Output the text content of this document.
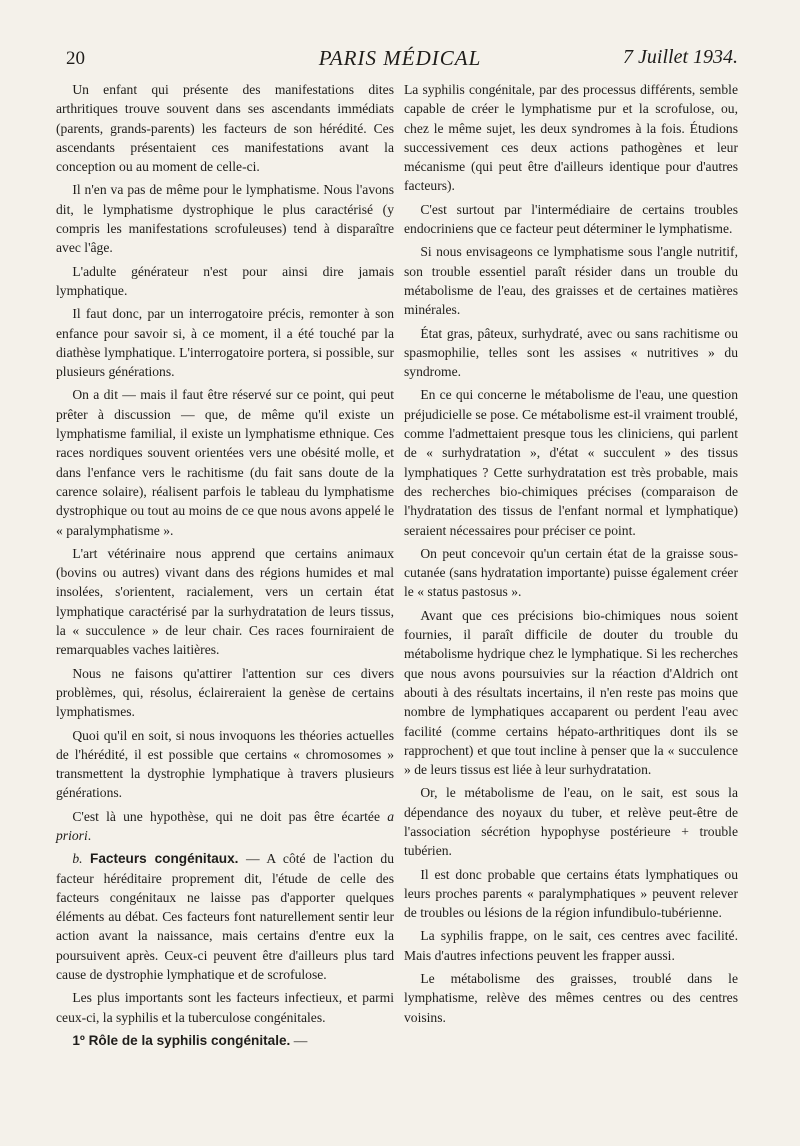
20	PARIS MÉDICAL	7 Juillet 1934.

Un enfant qui présente des manifestations dites arthritiques trouve souvent dans ses ascendants immédiats (parents, grands-parents) les facteurs de son hérédité. Ces ascendants présentaient ces manifestations avant la conception ou au moment de celle-ci.

Il n'en va pas de même pour le lymphatisme. Nous l'avons dit, le lymphatisme dystrophique le plus caractérisé (y compris les manifestations scrofuleuses) tend à disparaître avec l'âge.

L'adulte générateur n'est pour ainsi dire jamais lymphatique.

Il faut donc, par un interrogatoire précis, remonter à son enfance pour savoir si, à ce moment, il a été touché par la diathèse lymphatique. L'interrogatoire portera, si possible, sur plusieurs générations.

On a dit — mais il faut être réservé sur ce point, qui peut prêter à discussion — que, de même qu'il existe un lymphatisme familial, il existe un lymphatisme ethnique. Ces races nordiques souvent orientées vers une obésité molle, et dans l'enfance vers le rachitisme (du fait sans doute de la carence solaire), réalisent parfois le tableau du lymphatisme dystrophique ou tout au moins de ce que nous avons appelé le « paralymphatisme ».

L'art vétérinaire nous apprend que certains animaux (bovins ou autres) vivant dans des régions humides et mal insolées, s'orientent, racialement, vers un certain état lymphatique caractérisé par la surhydratation de leurs tissus, la « succulence » de leur chair. Ces races fourniraient de remarquables vaches laitières.

Nous ne faisons qu'attirer l'attention sur ces divers problèmes, qui, résolus, éclaireraient la genèse de certains lymphatismes.

Quoi qu'il en soit, si nous invoquons les théories actuelles de l'hérédité, il est possible que certains « chromosomes » transmettent la dystrophie lymphatique à travers plusieurs générations.

C'est là une hypothèse, qui ne doit pas être écartée a priori.

b. Facteurs congénitaux. — A côté de l'action du facteur héréditaire proprement dit, l'étude de celle des facteurs congénitaux ne laisse pas d'apporter quelques éléments au débat. Ces facteurs font naturellement sentir leur action avant la naissance, mais certains d'entre eux la poursuivent après. Ceux-ci peuvent être d'ailleurs plus tard cause de dystrophie lymphatique et de scrofulose.

Les plus importants sont les facteurs infectieux, et parmi ceux-ci, la syphilis et la tuberculose congénitales.

1º Rôle de la syphilis congénitale. —

La syphilis congénitale, par des processus différents, semble capable de créer le lymphatisme pur et la scrofulose, ou, chez le même sujet, les deux syndromes à la fois. Étudions successivement ces deux actions pathogènes et leur mécanisme (qui peut être d'ailleurs identique pour d'autres facteurs).

C'est surtout par l'intermédiaire de certains troubles endocriniens que ce facteur peut déterminer le lymphatisme.

Si nous envisageons ce lymphatisme sous l'angle nutritif, son trouble essentiel paraît résider dans un trouble du métabolisme de l'eau, des graisses et de certaines matières minérales.

État gras, pâteux, surhydraté, avec ou sans rachitisme ou spasmophilie, telles sont les assises « nutritives » du syndrome.

En ce qui concerne le métabolisme de l'eau, une question préjudicielle se pose. Ce métabolisme est-il vraiment troublé, comme l'admettaient presque tous les cliniciens, qui parlent de « surhydratation », d'état « succulent » des tissus lymphatiques ? Cette surhydratation est très probable, mais des recherches bio-chimiques précises (comparaison de l'hydratation des tissus de l'enfant normal et lymphatique) seraient nécessaires pour préciser ce point.

On peut concevoir qu'un certain état de la graisse sous-cutanée (sans hydratation importante) puisse également créer le « status pastosus ».

Avant que ces précisions bio-chimiques nous soient fournies, il paraît difficile de douter du trouble du métabolisme hydrique chez le lymphatique. Si les recherches que nous avons poursuivies sur la réaction d'Aldrich ont abouti à des résultats incertains, il n'en reste pas moins que nombre de lymphatiques accaparent ou perdent l'eau avec facilité (comme certains hépato-arthritiques dont ils se rapprochent) et que tout incline à penser que la « succulence » de leurs tissus est liée à leur surhydratation.

Or, le métabolisme de l'eau, on le sait, est sous la dépendance des noyaux du tuber, et relève peut-être de l'association sécrétion hypophyse postérieure + trouble tubérien.

Il est donc probable que certains états lymphatiques ou leurs proches parents « paralymphatiques » peuvent relever de troubles ou lésions de la région infundibulo-tubérienne.

La syphilis frappe, on le sait, ces centres avec facilité. Mais d'autres infections peuvent les frapper aussi.

Le métabolisme des graisses, troublé dans le lymphatisme, relève des mêmes centres ou des centres voisins.
